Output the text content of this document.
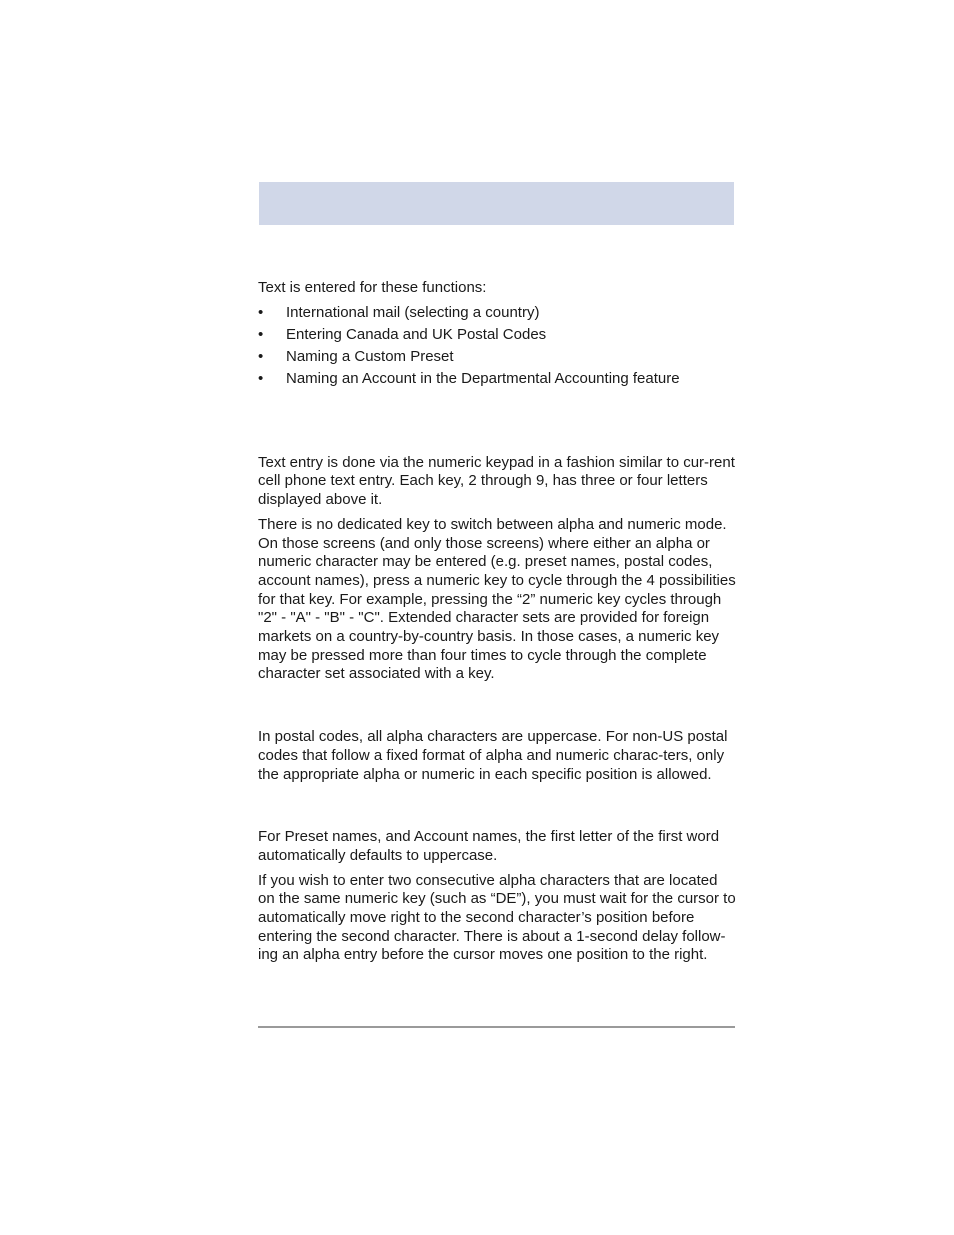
Text is entered for these functions:

• International mail (selecting a country)
• Entering Canada and UK Postal Codes
• Naming a Custom Preset
• Naming an Account in the Departmental Accounting feature

Text entry is done via the numeric keypad in a fashion similar to cur-rent cell phone text entry. Each key, 2 through 9, has three or four letters displayed above it.

There is no dedicated key to switch between alpha and numeric mode. On those screens (and only those screens) where either an alpha or numeric character may be entered (e.g. preset names, postal codes, account names), press a numeric key to cycle through the 4 possibilities for that key. For example, pressing the “2” numeric key cycles through "2" - "A" - "B" - "C". Extended character sets are provided for foreign markets on a country-by-country basis. In those cases, a numeric key may be pressed more than four times to cycle through the complete character set associated with a key.

In postal codes, all alpha characters are uppercase. For non-US postal codes that follow a fixed format of alpha and numeric charac-ters, only the appropriate alpha or numeric in each specific position is allowed.

For Preset names, and Account names, the first letter of the first word automatically defaults to uppercase.

If you wish to enter two consecutive alpha characters that are located on the same numeric key (such as “DE”), you must wait for the cursor to automatically move right to the second character’s position before entering the second character. There is about a 1-second delay follow-ing an alpha entry before the cursor moves one position to the right.
